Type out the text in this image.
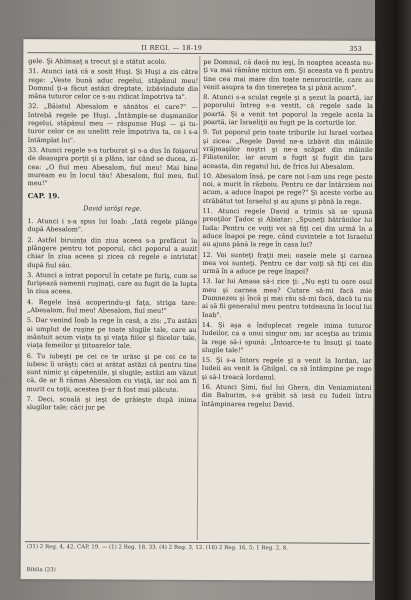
II REGI. — 18-19	353

gele. Şi Ahimaaţ a trecut şi a stătut acolo.

31. Atunci iată că a sosit Huşi. Şi Huşi a zis către rege: „Veste bună aduc regelui, stăpânul meu! Domnul ţi-a făcut astăzi dreptate, izbăvindute din mâna tuturor celor ce s-au ridicat împotriva ta".

32. „Băiatul Abesalom e sănătos ei care?" — întrebă regele pe Huşi. „Întâmple-se duşmanilor regelui, stăpânul meu — răspunse Huşi — şi tuturor celor ce au unelitt rele împotriva ta, ce i s-a întâmplat lui".

33. Atunci regele s-a turburat şi s-a dus în foişorul de deasupra porţii şi a plâns, iar când se ducea, zicea: „O fiul meu Abesalom, fiul meu! Mai bine muream eu în locul tău! Abesalom, fiul meu, fiul meu!"

CAP. 19.

David iarăşi rege.

1. Atunci i s-a spus lui Ioab: „Iată regele plânge după Abesalom".

2. Astfel biruinţa din ziua aceea s-a prefăcut în plângere pentru tot poporul, căci poporul a auzit chiar în ziua aceea şi zicea că regele e intristat după fiul său.

3. Atunci a intrat poporul în cetate pe furiş, cum se furişează oamenii ruşinaţi, care au fugit de la lupta în ziua aceea.

4. Regele însă acoperindu-şi faţa, striga tare: „Abesalom, fiul meu! Abesalom, fiul meu!"

5. Dar venind Ioab la rege în casă, a zis: „Tu astăzi ai umplut de ruşine pe toate slugile tale, care au mântuit acum viaţa ta şi viaţa fiilor şi fiicelor tale, viaţa femeilor şi ţiitoarelor tale.

6. Tu iubeşti pe cei ce te urăsc şi pe cei ce te iubesc îi urăşti; căci ai arătat astăzi că pentru tine sunt nimic şi căpeteniile, şi slugile; astăzi am văzut că, de ar fi rămas Abesalom cu viaţă, iar noi am fi murit cu toţii, acestea ţi-ar fi fost mai plăcute.

7. Deci, scoală şi ieşi de grăieşte după inima slugilor tale; căci jur pe

pe Domnul, că dacă nu ieşi, în noaptea aceasta nu-ţi va mai rămâne niciun om. Şi aceasta va fi pentru tine cea mai mare din toate nenorocirile, care au venit asupra ta din tinereţea ta şi până acum".

8. Atunci s-a sculat regele şi a şezut la poartă, iar poporului întreg s-a vestit, că regele sade la poartă. Şi a venit tot poporul la regele acela la poartă, iar Israeliţii au fugit pe la corturile lor.

9. Tot poporul prin toate triburile lui Israel vorbea şi zicea: „Regele David ne-a izbăvit din mâinile vrăjmaşilor noştri şi ne-a scăpat din mâinile Filistenilor, iar acum a fugit şi fugit din ţara aceasta, din regatul lui, de frica lui Abesalom.

10. Abesalom însă, pe care noi l-am uns rege peste noi, a murit în războiu. Pentru ce dar întârziem noi acum, a aduce înapoi pe rege?" Şi aceste vorbe au străbătut tot Israelul şi au ajuns şi până la rege.

11. Atunci regele David a trimis să se spună preoţilor Ţadoc şi Abiatar: „Spuneţi bătrânilor lui Iuda: Pentru ce voiţi voi să fiţi cei din urmă în a aduce înapoi pe rege, când cuvintele a tot Israelul au ajuns până la rege în casa lui?

12. Voi sunteţi fraţii mei; oasele mele şi carnea mea voi sunteţi. Pentru ce dar voiţi să fiţi cei din urmă în a aduce pe rege înapoi?

13. Iar lui Amasa să-i zice ţi: „Nu eşti tu oare osul meu şi carnea mea? Cutare să-mi facă mie Dumnezeu şi încă şi mai rău să-mi facă, dacă tu nu ai să fii generalul meu pentru totdeauna în locul lui Ioab".

14. Şi aşa a înduplecat regele inima tuturor Iudeilor, ca a unui singur om; iar aceştia au trimis la rege să-i spună: „Întoarce-te tu însuţi şi toate slugile tale!"

15. Şi s-a întors regele şi a venit la Iordan, iar Iudeii au venit la Ghilgal, ca să întâmpine pe rege şi să-l treacă Iordanul.

16. Atunci Şimi, fiul lui Ghera, din Veniaminteni din Bahurim, s-a grăbit să iasă cu Iudeii întru întâmpinarea regelui David.

(31) 2 Reg. 4, 42. CAP. 19. — (1) 2 Reg. 18, 33. (4) 2 Reg. 3, 12. (16) 2 Reg. 16, 5; 1 Reg. 2, 8.
Biblia (23)
